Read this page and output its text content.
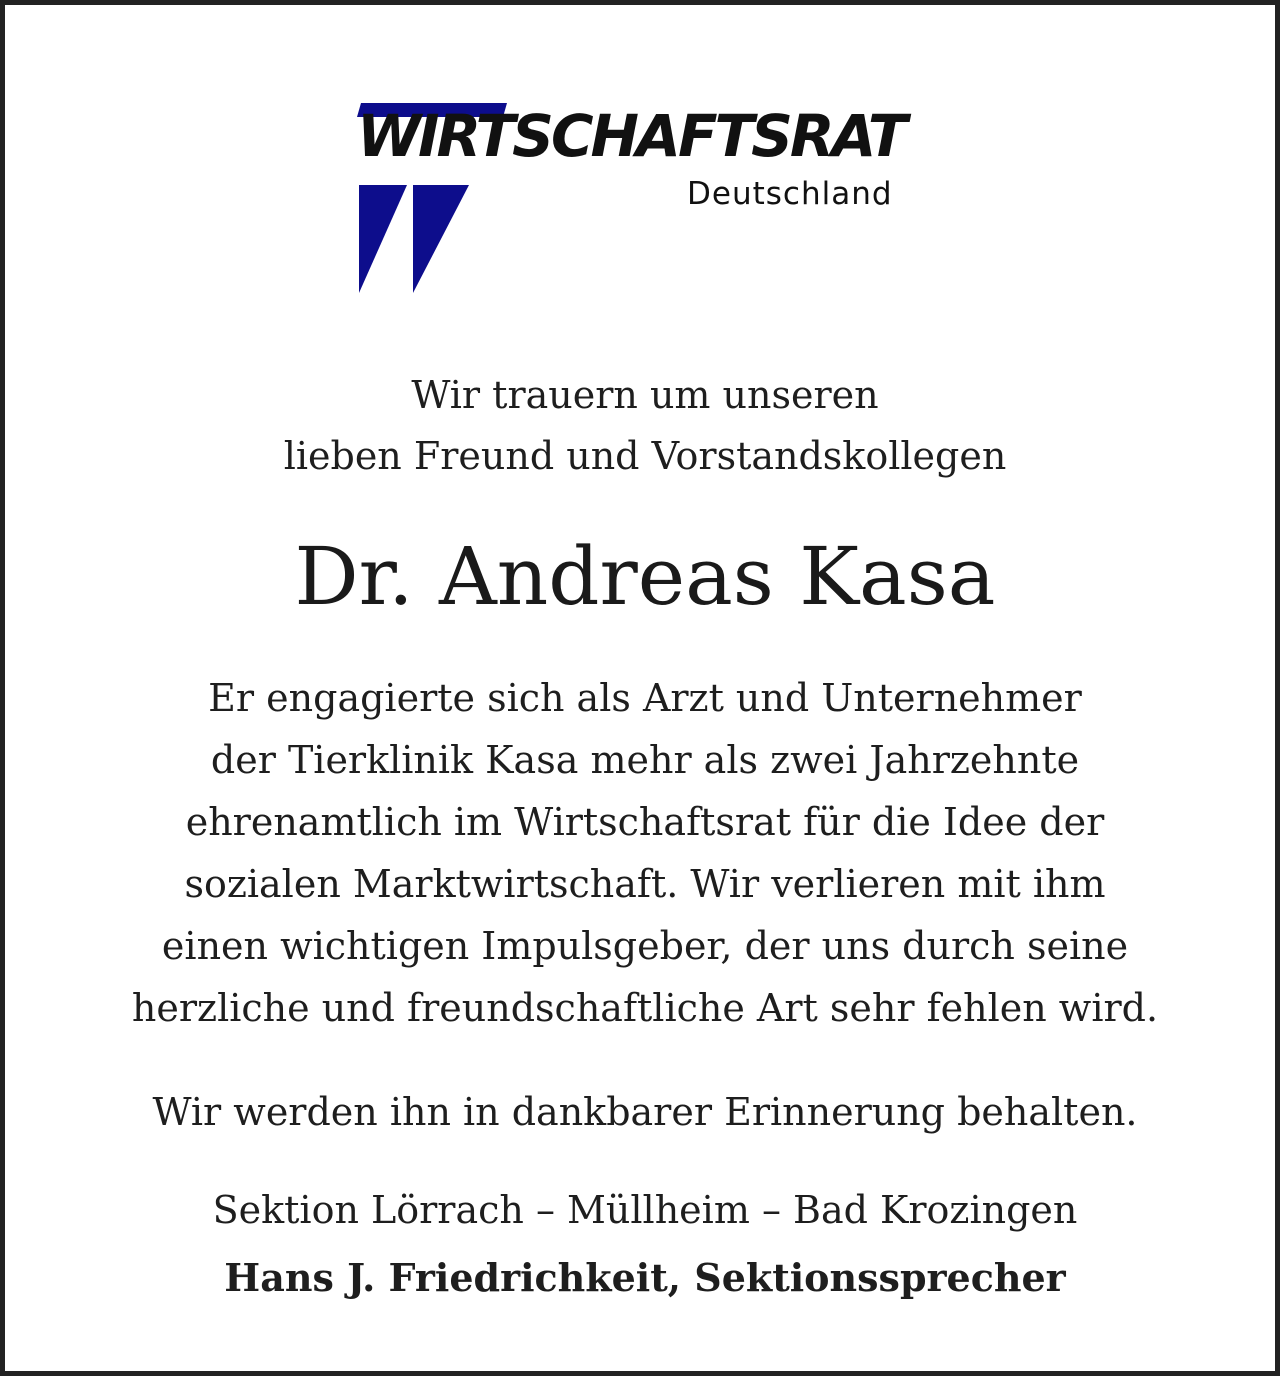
WIRTSCHAFTSRAT
Deutschland
Wir trauern um unseren
lieben Freund und Vorstandskollegen
Dr. Andreas Kasa
Er engagierte sich als Arzt und Unternehmer
der Tierklinik Kasa mehr als zwei Jahrzehnte
ehrenamtlich im Wirtschaftsrat für die Idee der
sozialen Marktwirtschaft. Wir verlieren mit ihm
einen wichtigen Impulsgeber, der uns durch seine
herzliche und freundschaftliche Art sehr fehlen wird.
Wir werden ihn in dankbarer Erinnerung behalten.
Sektion Lörrach – Müllheim – Bad Krozingen
Hans J. Friedrichkeit, Sektionssprecher
